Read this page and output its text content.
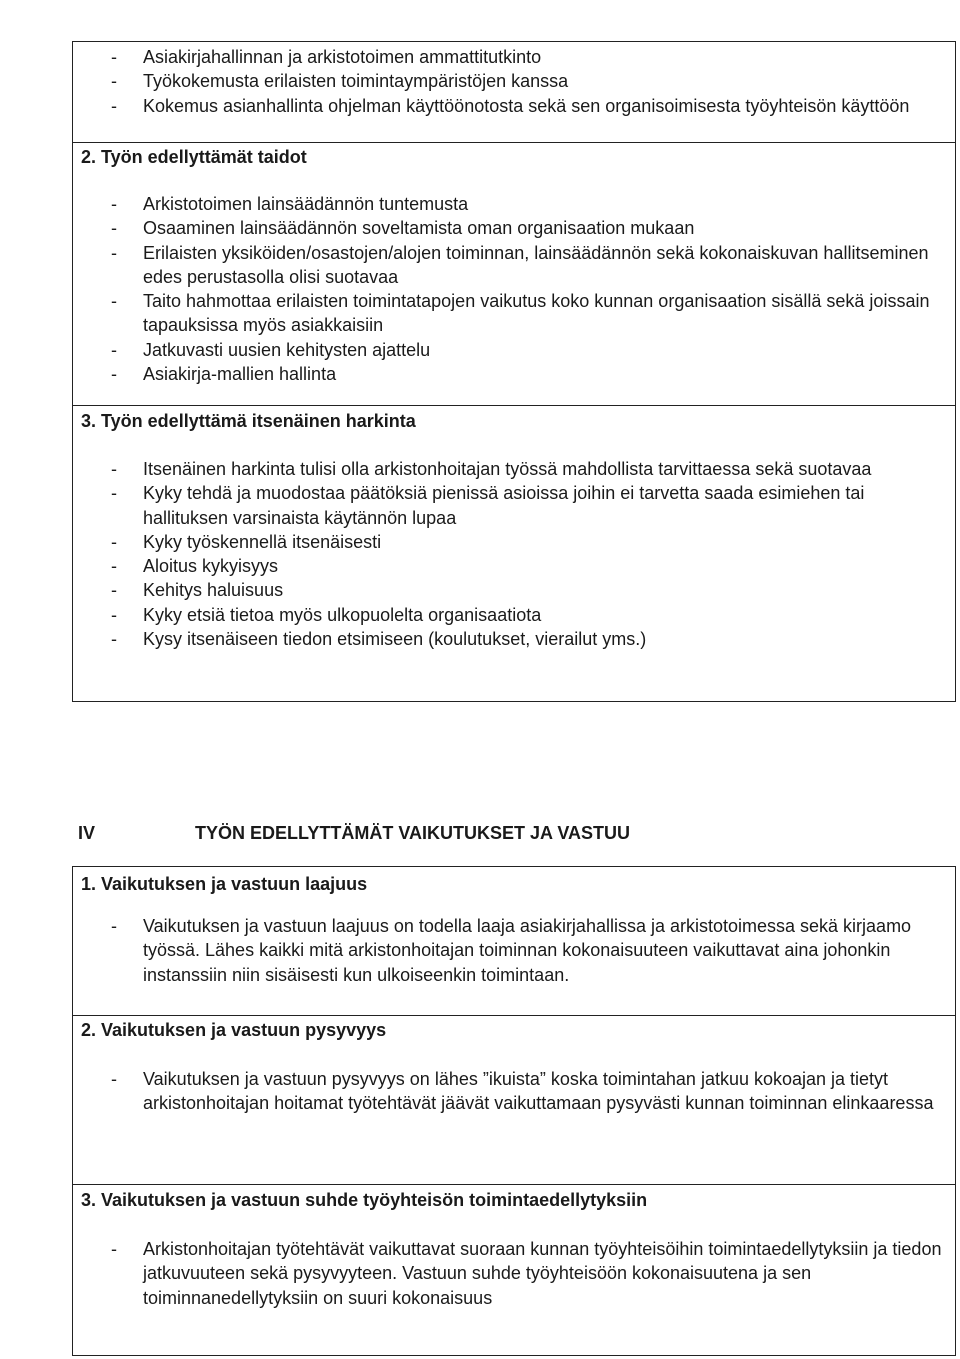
- Asiakirjahallinnan ja arkistotoimen ammattitutkinto
- Työkokemusta erilaisten toimintaympäristöjen kanssa
- Kokemus asianhallinta ohjelman käyttöönotosta sekä sen organisoimisesta työyhteisön käyttöön
2. Työn edellyttämät taidot
- Arkistotoimen lainsäädännön tuntemusta
- Osaaminen lainsäädännön soveltamista oman organisaation mukaan
- Erilaisten yksiköiden/osastojen/alojen toiminnan, lainsäädännön sekä kokonaiskuvan hallitseminen edes perustasolla olisi suotavaa
- Taito hahmottaa erilaisten toimintatapojen vaikutus koko kunnan organisaation sisällä sekä joissain tapauksissa myös asiakkaisiin
- Jatkuvasti uusien kehitysten ajattelu
- Asiakirja-mallien hallinta
3. Työn edellyttämä itsenäinen harkinta
- Itsenäinen harkinta tulisi olla arkistonhoitajan työssä mahdollista tarvittaessa sekä suotavaa
- Kyky tehdä ja muodostaa päätöksiä pienissä asioissa joihin ei tarvetta saada esimiehen tai hallituksen varsinaista käytännön lupaa
- Kyky työskennellä itsenäisesti
- Aloitus kykyisyys
- Kehitys haluisuus
- Kyky etsiä tietoa myös ulkopuolelta organisaatiota
- Kysy itsenäiseen tiedon etsimiseen (koulutukset, vierailut yms.)
IV	TYÖN EDELLYTTÄMÄT VAIKUTUKSET JA VASTUU
1. Vaikutuksen ja vastuun laajuus
- Vaikutuksen ja vastuun laajuus on todella laaja asiakirjahallissa ja arkistotoimessa sekä kirjaamo työssä. Lähes kaikki mitä arkistonhoitajan toiminnan kokonaisuuteen vaikuttavat aina johonkin instanssiin niin sisäisesti kun ulkoiseenkin toimintaan.
2. Vaikutuksen ja vastuun pysyvyys
- Vaikutuksen ja vastuun pysyvyys on lähes ”ikuista” koska toimintahan jatkuu kokoajan ja tietyt arkistonhoitajan hoitamat työtehtävät jäävät vaikuttamaan pysyvästi kunnan toiminnan elinkaaressa
3. Vaikutuksen ja vastuun suhde työyhteisön toimintaedellytyksiin
- Arkistonhoitajan työtehtävät vaikuttavat suoraan kunnan työyhteisöihin toimintaedellytyksiin ja tiedon jatkuvuuteen sekä pysyvyyteen. Vastuun suhde työyhteisöön kokonaisuutena ja sen toiminnanedellytyksiin on suuri kokonaisuus
